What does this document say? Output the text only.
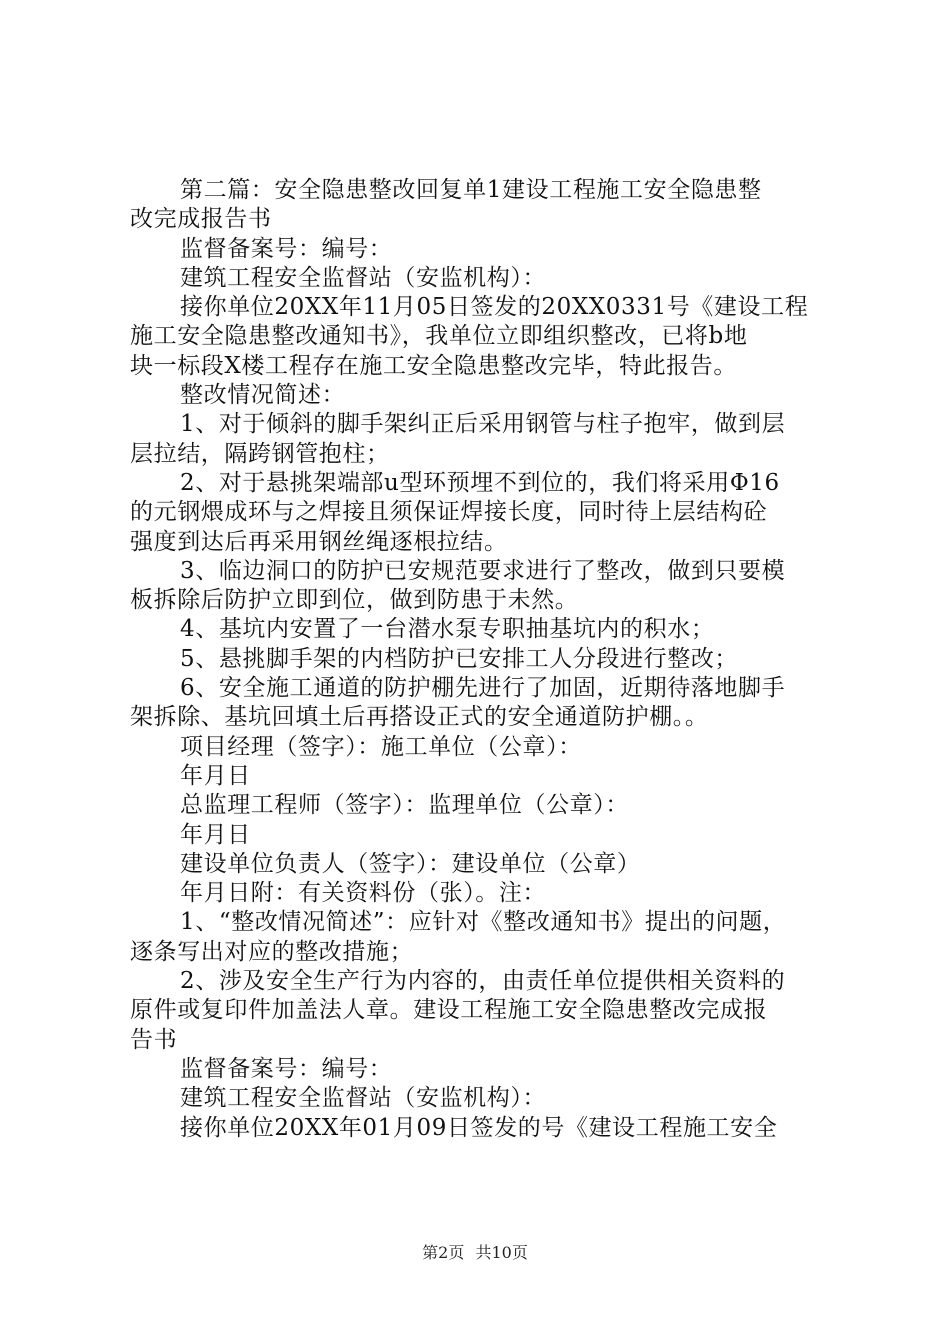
第二篇：安全隐患整改回复单1建设工程施工安全隐患整
改完成报告书
监督备案号：编号：
建筑工程安全监督站（安监机构）：
接你单位20XX年11月05日签发的20XX0331号《建设工程
施工安全隐患整改通知书》，我单位立即组织整改，已将b地
块一标段X楼工程存在施工安全隐患整改完毕，特此报告。
整改情况简述：
1、对于倾斜的脚手架纠正后采用钢管与柱子抱牢，做到层
层拉结，隔跨钢管抱柱；
2、对于悬挑架端部u型环预埋不到位的，我们将采用Φ16
的元钢煨成环与之焊接且须保证焊接长度，同时待上层结构砼
强度到达后再采用钢丝绳逐根拉结。
3、临边洞口的防护已安规范要求进行了整改，做到只要模
板拆除后防护立即到位，做到防患于未然。
4、基坑内安置了一台潜水泵专职抽基坑内的积水；
5、悬挑脚手架的内档防护已安排工人分段进行整改；
6、安全施工通道的防护棚先进行了加固，近期待落地脚手
架拆除、基坑回填土后再搭设正式的安全通道防护棚。。
项目经理（签字）：施工单位（公章）：
年月日
总监理工程师（签字）：监理单位（公章）：
年月日
建设单位负责人（签字）：建设单位（公章）
年月日附：有关资料份（张）。注：
1、“整改情况简述”：应针对《整改通知书》提出的问题，
逐条写出对应的整改措施；
2、涉及安全生产行为内容的，由责任单位提供相关资料的
原件或复印件加盖法人章。建设工程施工安全隐患整改完成报
告书
监督备案号：编号：
建筑工程安全监督站（安监机构）：
接你单位20XX年01月09日签发的号《建设工程施工安全
第2页 共10页
